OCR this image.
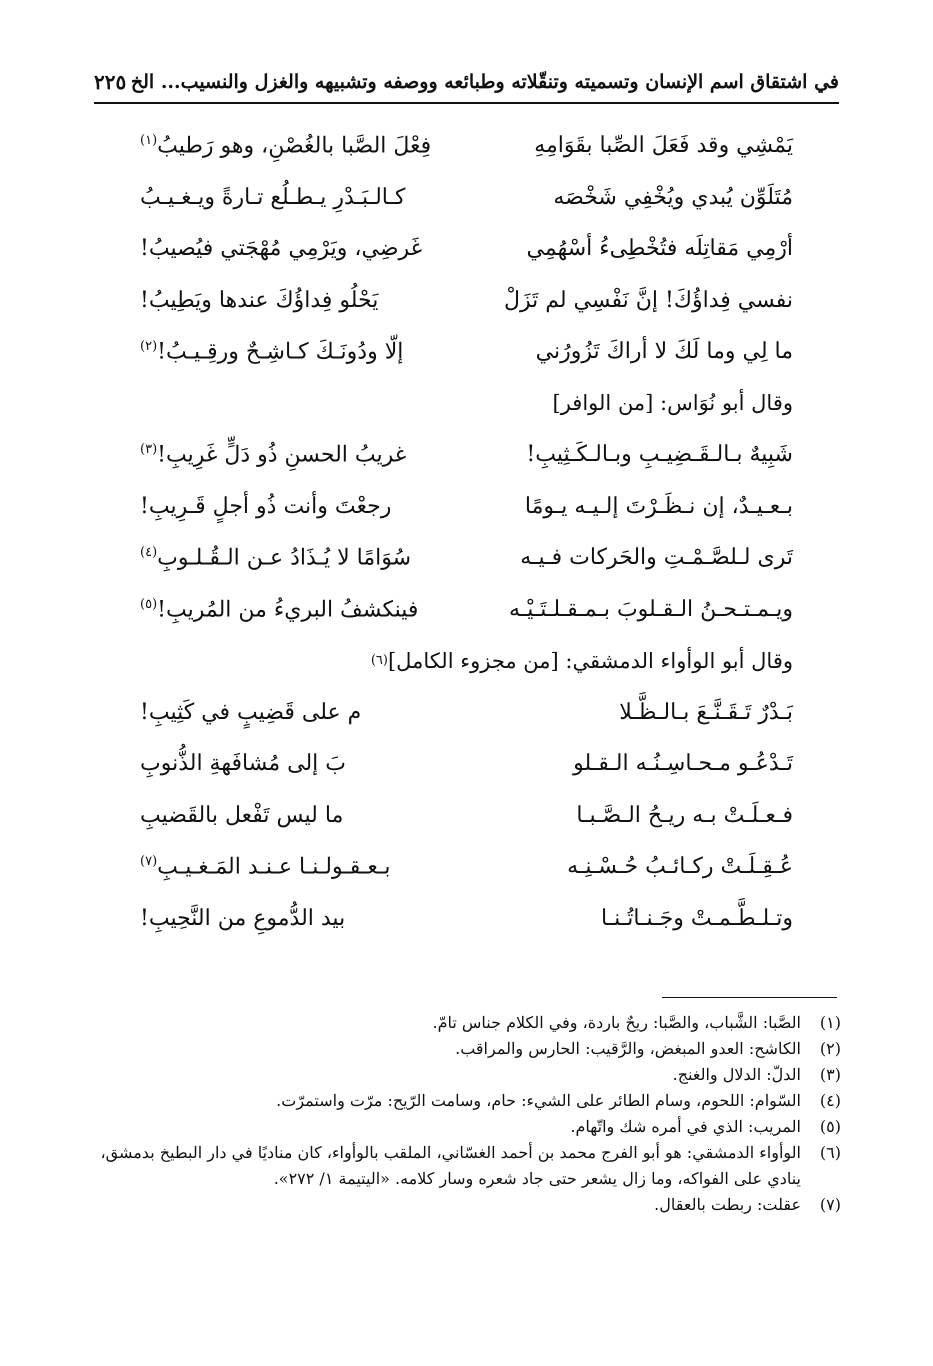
في اشتقاق اسم الإنسان وتسميته وتنقّلاته وطبائعه ووصفه وتشبيهه والغزل والنسيب... الخ
٢٢٥
يَمْشِي وقد فَعَلَ الصِّبا بقَوَامِهِ
فِعْلَ الصَّبا بالغُصْنِ، وهو رَطيبُ$^{(١)}$
مُتَلَوِّن يُبدي ويُخْفِي شَخْصَه
كـالـبَـدْرِ يـطـلُع تـارةً ويـغـيـبُ
أرْمِي مَقاتِلَه فتُخْطِىءُ أسْهُمِي
غَرضِي، ويَرْمِي مُهْجَتي فيُصيبُ!
نفسي فِداؤُكَ! إنَّ نَفْسِي لم تَزَلْ
يَحْلُو فِداؤُكَ عندها ويَطِيبُ!
ما لِي وما لَكَ لا أراكَ تَزُورُني
إلّا ودُونَـكَ كـاشِـحٌ ورقِـيـبُ!$^{(٢)}$
وقال أبو نُوَاس: [من الوافر]
شَبِيهٌ بـالـقَـضِيـبِ وبـالـكَـثِيبِ!
غريبُ الحسنِ ذُو دَلٍّ غَرِيبِ!$^{(٣)}$
بـعـيـدٌ، إن نـظَـرْتَ إلـيـه يـومًا
رجعْتَ وأنت ذُو أجلٍ قَـرِيبِ!
تَرى لـلصَّـمْـتِ والحَركات فـيـه
سُوَامًا لا يُـذَادُ عـن الـقُـلـوبِ$^{(٤)}$
ويـمـتـحـنُ الـقـلوبَ بـمـقـلـتَـيْـه
فينكشفُ البريءُ من المُريبِ!$^{(٥)}$
وقال أبو الوأواء الدمشقي: [من مجزوء الكامل]
(٦)
بَـدْرٌ تَـقَـنَّـعَ بـالـظَّـلا
م على قَضِيبٍ في كَثِيبِ!
تَـدْعُـو مـحـاسِـنُـه الـقـلو
بَ إلى مُشافَهةِ الذُّنوبِ
فـعـلَـتْ بـه ريـحُ الـصَّـبـا
ما ليس تَفْعل بالقَضيبِ
عُـقِـلَـتْ ركـائـبُ حُـسْـنِـه
بـعـقـولـنـا عـنـد المَـغـيـبِ$^{(٧)}$
وتـلـطَّـمـتْ وجَـنـاتُـنـا
بيد الدُّموعِ من النَّحِيبِ!
(١)
الصَّبا: الشَّباب، والصَّبا: ريحٌ باردة، وفي الكلام جناس تامّ.
(٢)
الكاشح: العدو المبغض، والرَّقيب: الحارس والمراقب.
(٣)
الدلّ: الدلال والغنج.
(٤)
السّوام: اللحوم، وسام الطائر على الشيء: حام، وسامت الرّيح: مرّت واستمرّت.
(٥)
المريب: الذي في أمره شك واتّهام.
(٦)
الوأواء الدمشقي: هو أبو الفرج محمد بن أحمد الغسّاني، الملقب بالوأواء، كان مناديًا في دار البطيخ بدمشق، ينادي على الفواكه، وما زال يشعر حتى جاد شعره وسار كلامه. «اليتيمة ١/ ٢٧٢».
(٧)
عقلت: ربطت بالعقال.
